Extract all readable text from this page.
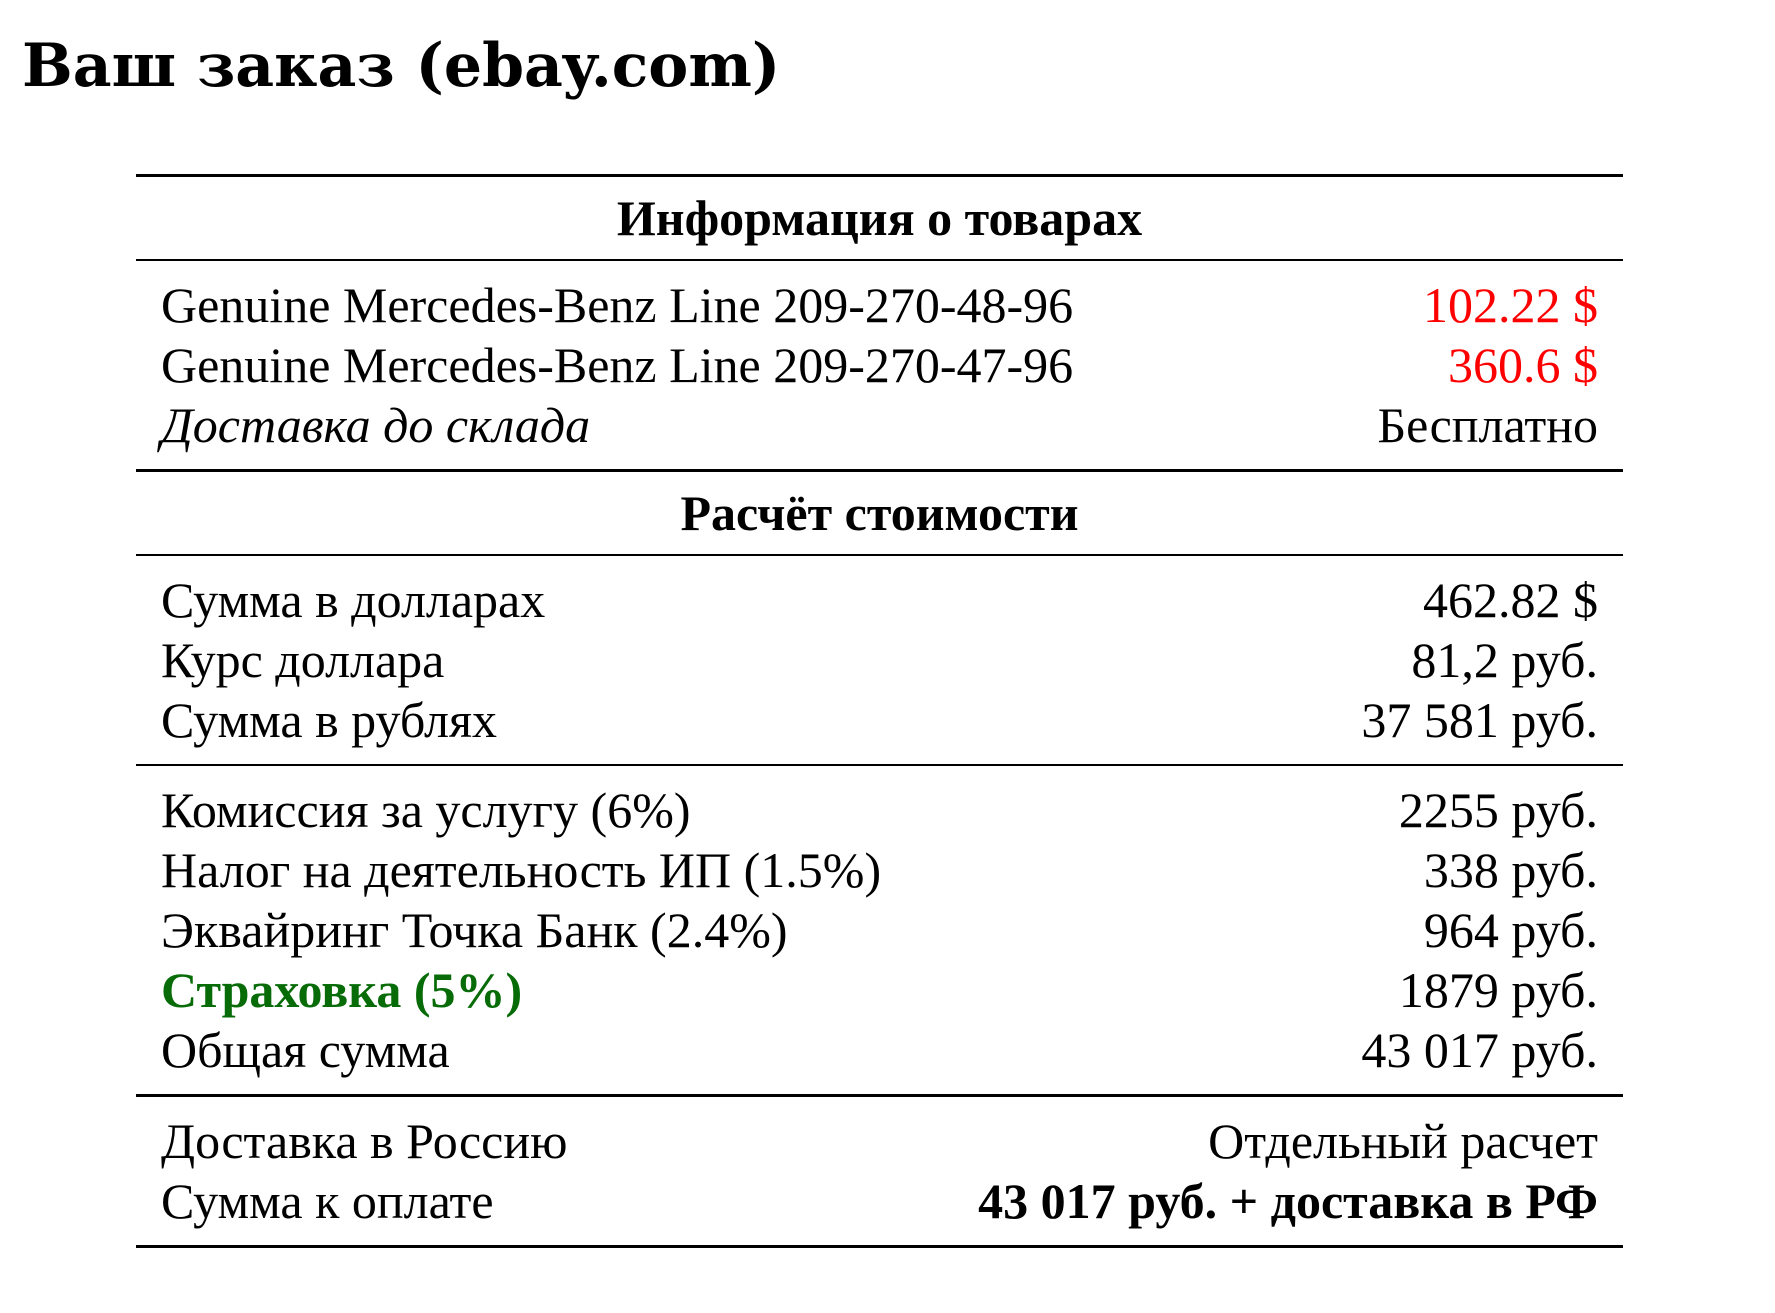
Ваш заказ (ebay.com)
Информация о товарах
Genuine Mercedes-Benz Line 209-270-48-96	102.22 $
Genuine Mercedes-Benz Line 209-270-47-96	360.6 $
Доставка до склада	Бесплатно
Расчёт стоимости
Сумма в долларах	462.82 $
Курс доллара	81,2 руб.
Сумма в рублях	37 581 руб.
Комиссия за услугу (6%)	2255 руб.
Налог на деятельность ИП (1.5%)	338 руб.
Эквайринг Точка Банк (2.4%)	964 руб.
Страховка (5%)	1879 руб.
Общая сумма	43 017 руб.
Доставка в Россию	Отдельный расчет
Сумма к оплате	43 017 руб. + доставка в РФ
